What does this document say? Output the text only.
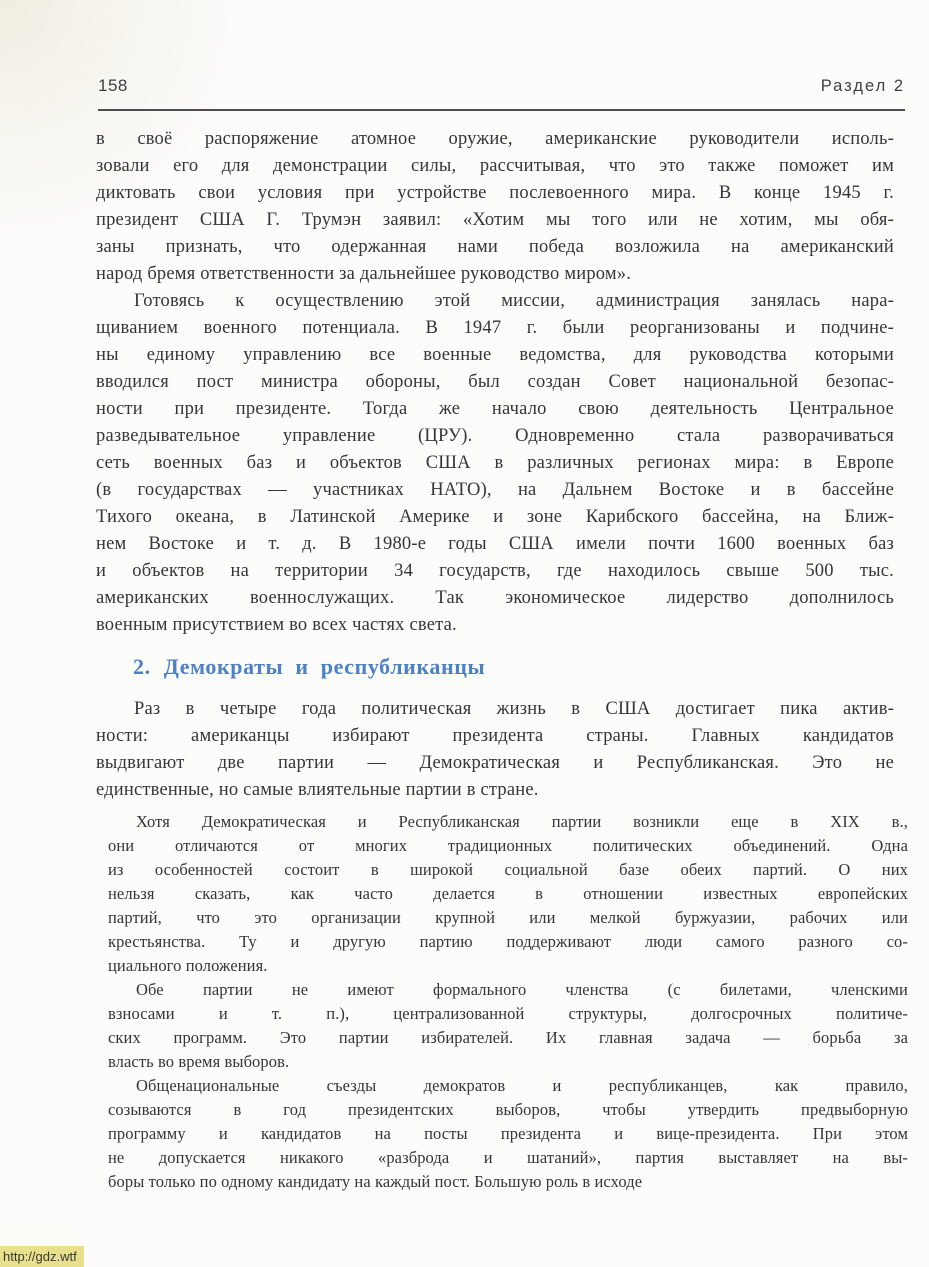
158	Раздел 2
в своё распоряжение атомное оружие, американские руководители исполь-
зовали его для демонстрации силы, рассчитывая, что это также поможет им
диктовать свои условия при устройстве послевоенного мира. В конце 1945 г.
президент США Г. Трумэн заявил: «Хотим мы того или не хотим, мы обя-
заны признать, что одержанная нами победа возложила на американский
народ бремя ответственности за дальнейшее руководство миром».
Готовясь к осуществлению этой миссии, администрация занялась нара-
щиванием военного потенциала. В 1947 г. были реорганизованы и подчине-
ны единому управлению все военные ведомства, для руководства которыми
вводился пост министра обороны, был создан Совет национальной безопас-
ности при президенте. Тогда же начало свою деятельность Центральное
разведывательное управление (ЦРУ). Одновременно стала разворачиваться
сеть военных баз и объектов США в различных регионах мира: в Европе
(в государствах — участниках НАТО), на Дальнем Востоке и в бассейне
Тихого океана, в Латинской Америке и зоне Карибского бассейна, на Ближ-
нем Востоке и т. д. В 1980-е годы США имели почти 1600 военных баз
и объектов на территории 34 государств, где находилось свыше 500 тыс.
американских военнослужащих. Так экономическое лидерство дополнилось
военным присутствием во всех частях света.
2. Демократы и республиканцы
Раз в четыре года политическая жизнь в США достигает пика актив-
ности: американцы избирают президента страны. Главных кандидатов
выдвигают две партии — Демократическая и Республиканская. Это не
единственные, но самые влиятельные партии в стране.
Хотя Демократическая и Республиканская партии возникли еще в XIX в.,
они отличаются от многих традиционных политических объединений. Одна
из особенностей состоит в широкой социальной базе обеих партий. О них
нельзя сказать, как часто делается в отношении известных европейских
партий, что это организации крупной или мелкой буржуазии, рабочих или
крестьянства. Ту и другую партию поддерживают люди самого разного со-
циального положения.
Обе партии не имеют формального членства (с билетами, членскими
взносами и т. п.), централизованной структуры, долгосрочных политиче-
ских программ. Это партии избирателей. Их главная задача — борьба за
власть во время выборов.
Общенациональные съезды демократов и республиканцев, как правило,
созываются в год президентских выборов, чтобы утвердить предвыборную
программу и кандидатов на посты президента и вице-президента. При этом
не допускается никакого «разброда и шатаний», партия выставляет на вы-
боры только по одному кандидату на каждый пост. Большую роль в исходе
http://gdz.wtf
